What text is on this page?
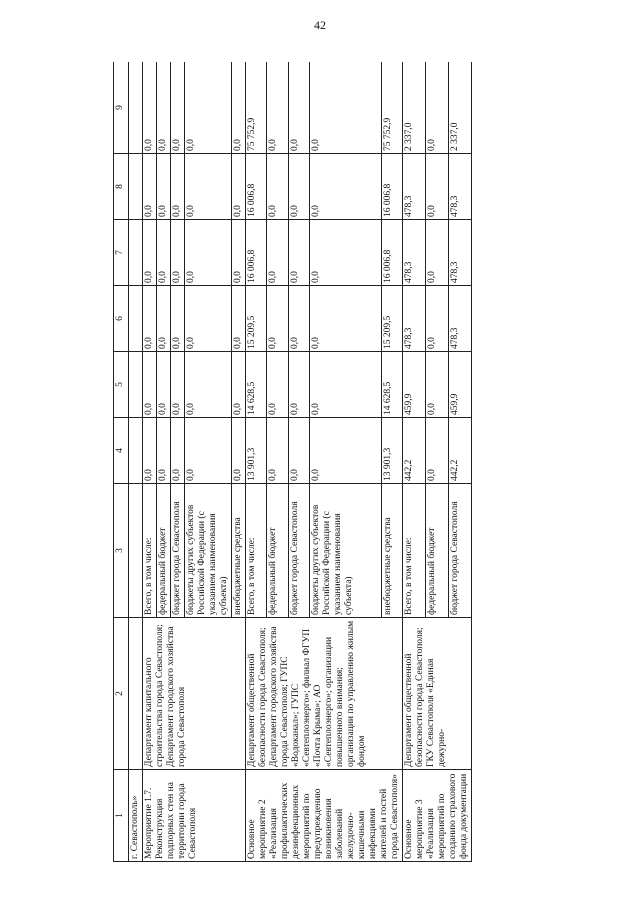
42
1	2	3	4	5	6	7	8	9
г. Севастополь»								
Мероприятие 1.7. Реконструкция подпорных стен на территории города Севастополя	Департамент капитального строительства города Севастополя; Департамент городского хозяйства города Севастополя	Всего, в том числе:	0,0	0,0	0,0	0,0	0,0	0,0
		федеральный бюджет	0,0	0,0	0,0	0,0	0,0	0,0
		бюджет города Севастополя	0,0	0,0	0,0	0,0	0,0	0,0
		бюджеты других субъектов Российской Федерации (с указанием наименования субъекта)	0,0	0,0	0,0	0,0	0,0	0,0
		внебюджетные средства	0,0	0,0	0,0	0,0	0,0	0,0
Основное мероприятие 2 «Реализация профилактических дезинфекционных мероприятий по предупреждению возникновения заболеваний желудочно-кишечными инфекциями жителей и гостей города Севастополя»	Департамент общественной безопасности города Севастополя; Департамент городского хозяйства города Севастополя; ГУПС «Водоканал»; ГУПС «Севтеплоэнерго»; филиал ФГУП «Почта Крыма»; АО «Севтеплоэнерго»; организации повышенного внимания; организации по управлению жилым фондом	Всего, в том числе:	13 901,3	14 628,5	15 209,5	16 006,8	16 006,8	75 752,9
		федеральный бюджет	0,0	0,0	0,0	0,0	0,0	0,0
		бюджет города Севастополя	0,0	0,0	0,0	0,0	0,0	0,0
		бюджеты других субъектов Российской Федерации (с указанием наименования субъекта)	0,0	0,0	0,0	0,0	0,0	0,0
		внебюджетные средства	13 901,3	14 628,5	15 209,5	16 006,8	16 006,8	75 752,9
Основное мероприятие 3 «Реализация мероприятий по созданию страхового фонда документации	Департамент общественной безопасности города Севастополя; ГКУ Севастополя «Единая дежурно-	Всего, в том числе:	442,2	459,9	478,3	478,3	478,3	2 337,0
		федеральный бюджет	0,0	0,0	0,0	0,0	0,0	0,0
		бюджет города Севастополя	442,2	459,9	478,3	478,3	478,3	2 337,0
